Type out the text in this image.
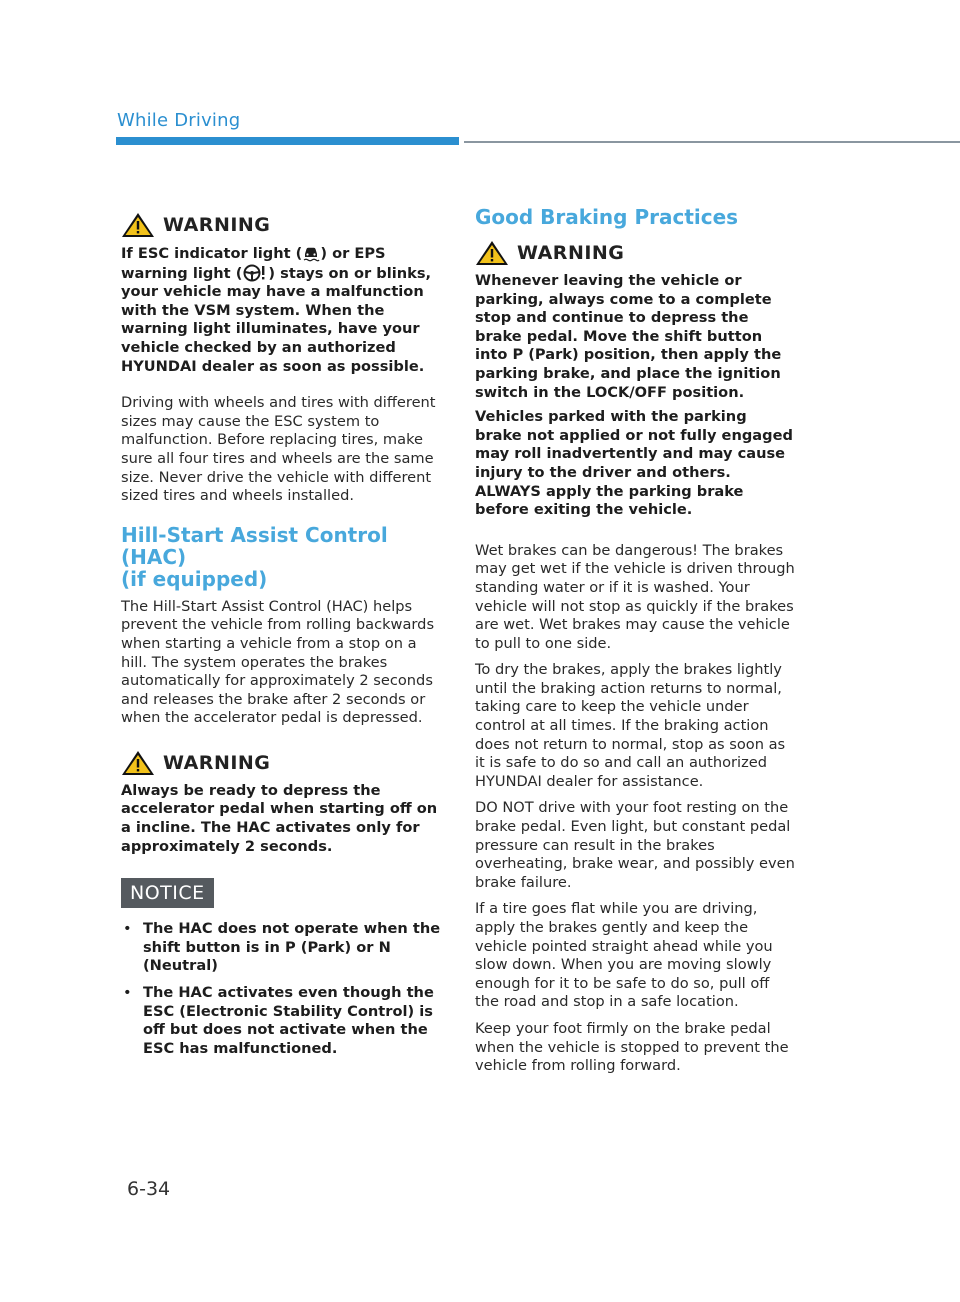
While Driving
WARNING

If ESC indicator light ( ) or EPS warning light ( ) stays on or blinks, your vehicle may have a malfunction with the VSM system. When the warning light illuminates, have your vehicle checked by an authorized HYUNDAI dealer as soon as possible.

Driving with wheels and tires with different sizes may cause the ESC system to malfunction. Before replacing tires, make sure all four tires and wheels are the same size. Never drive the vehicle with different sized tires and wheels installed.

Hill-Start Assist Control (HAC)
(if equipped)

The Hill-Start Assist Control (HAC) helps prevent the vehicle from rolling backwards when starting a vehicle from a stop on a hill. The system operates the brakes automatically for approximately 2 seconds and releases the brake after 2 seconds or when the accelerator pedal is depressed.

WARNING

Always be ready to depress the accelerator pedal when starting off on a incline. The HAC activates only for approximately 2 seconds.

NOTICE
• The HAC does not operate when the shift button is in P (Park) or N (Neutral)
• The HAC activates even though the ESC (Electronic Stability Control) is off but does not activate when the ESC has malfunctioned.
Good Braking Practices
WARNING

Whenever leaving the vehicle or parking, always come to a complete stop and continue to depress the brake pedal. Move the shift button into P (Park) position, then apply the parking brake, and place the ignition switch in the LOCK/OFF position.

Vehicles parked with the parking brake not applied or not fully engaged may roll inadvertently and may cause injury to the driver and others. ALWAYS apply the parking brake before exiting the vehicle.

Wet brakes can be dangerous! The brakes may get wet if the vehicle is driven through standing water or if it is washed. Your vehicle will not stop as quickly if the brakes are wet. Wet brakes may cause the vehicle to pull to one side.

To dry the brakes, apply the brakes lightly until the braking action returns to normal, taking care to keep the vehicle under control at all times. If the braking action does not return to normal, stop as soon as it is safe to do so and call an authorized HYUNDAI dealer for assistance.

DO NOT drive with your foot resting on the brake pedal. Even light, but constant pedal pressure can result in the brakes overheating, brake wear, and possibly even brake failure.

If a tire goes flat while you are driving, apply the brakes gently and keep the vehicle pointed straight ahead while you slow down. When you are moving slowly enough for it to be safe to do so, pull off the road and stop in a safe location.

Keep your foot firmly on the brake pedal when the vehicle is stopped to prevent the vehicle from rolling forward.

6-34
